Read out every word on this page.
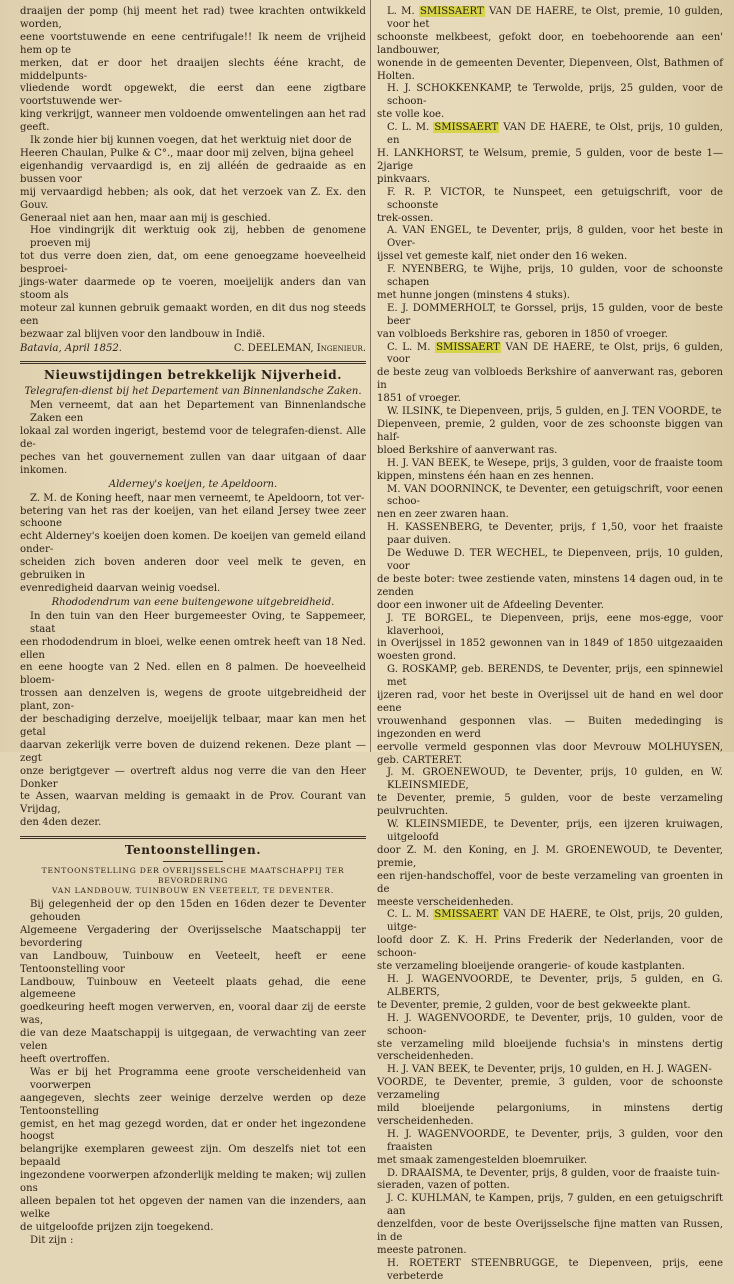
draaijen der pomp (hij meent het rad) twee krachten ontwikkeld worden,
eene voortstuwende en eene centrifugale!! Ik neem de vrijheid hem op te
merken, dat er door het draaijen slechts ééne kracht, de middelpunts-
vliedende wordt opgewekt, die eerst dan eene zigtbare voortstuwende wer-
king verkrijgt, wanneer men voldoende omwentelingen aan het rad geeft.
Ik zonde hier bij kunnen voegen, dat het werktuig niet door de
Heeren Chaulan, Pulke & C°., maar door mij zelven, bijna geheel
eigenhandig vervaardigd is, en zij alléén de gedraaide as en bussen voor
mij vervaardigd hebben; als ook, dat het verzoek van Z. Ex. den Gouv.
Generaal niet aan hen, maar aan mij is geschied.
Hoe vindingrijk dit werktuig ook zij, hebben de genomene proeven mij
tot dus verre doen zien, dat, om eene genoegzame hoeveelheid besproei-
jings-water daarmede op te voeren, moeijelijk anders dan van stoom als
moteur zal kunnen gebruik gemaakt worden, en dit dus nog steeds een
bezwaar zal blijven voor den landbouw in Indië.
Batavia, April 1852.	C. DEELEMAN, Ingenieur.
Nieuwstijdingen betrekkelijk Nijverheid.
Telegrafen-dienst bij het Departement van Binnenlandsche Zaken.
Men verneemt, dat aan het Departement van Binnenlandsche Zaken een
lokaal zal worden ingerigt, bestemd voor de telegrafen-dienst. Alle de-
peches van het gouvernement zullen van daar uitgaan of daar inkomen.
Alderney's koeijen, te Apeldoorn.
Z. M. de Koning heeft, naar men verneemt, te Apeldoorn, tot ver-
betering van het ras der koeijen, van het eiland Jersey twee zeer schoone
echt Alderney's koeijen doen komen. De koeijen van gemeld eiland onder-
scheiden zich boven anderen door veel melk te geven, en gebruiken in
evenredigheid daarvan weinig voedsel.
Rhododendrum van eene buitengewone uitgebreidheid.
In den tuin van den Heer burgemeester Oving, te Sappemeer, staat
een rhododendrum in bloei, welke eenen omtrek heeft van 18 Ned. ellen
en eene hoogte van 2 Ned. ellen en 8 palmen. De hoeveelheid bloem-
trossen aan denzelven is, wegens de groote uitgebreidheid der plant, zon-
der beschadiging derzelve, moeijelijk telbaar, maar kan men het getal
daarvan zekerlijk verre boven de duizend rekenen. Deze plant — zegt
onze berigtgever — overtreft aldus nog verre die van den Heer Donker
te Assen, waarvan melding is gemaakt in de Prov. Courant van Vrijdag,
den 4den dezer.
Tentoonstellingen.
TENTOONSTELLING DER OVERIJSSELSCHE MAATSCHAPPIJ TER BEVORDERING
VAN LANDBOUW, TUINBOUW EN VEETEELT, TE DEVENTER.
Bij gelegenheid der op den 15den en 16den dezer te Deventer gehouden
Algemeene Vergadering der Overijsselsche Maatschappij ter bevordering
van Landbouw, Tuinbouw en Veeteelt, heeft er eene Tentoonstelling voor
Landbouw, Tuinbouw en Veeteelt plaats gehad, die eene algemeene
goedkeuring heeft mogen verwerven, en, vooral daar zij de eerste was,
die van deze Maatschappij is uitgegaan, de verwachting van zeer velen
heeft overtroffen.
Was er bij het Programma eene groote verscheidenheid van voorwerpen
aangegeven, slechts zeer weinige derzelve werden op deze Tentoonstelling
gemist, en het mag gezegd worden, dat er onder het ingezondene hoogst
belangrijke exemplaren geweest zijn. Om deszelfs niet tot een bepaald
ingezondene voorwerpen afzonderlijk melding te maken; wij zullen ons
alleen bepalen tot het opgeven der namen van die inzenders, aan welke
de uitgeloofde prijzen zijn toegekend.
Dit zijn :
L. M. SMISSAERT VAN DE HAERE, te Olst, premie, 10 gulden, voor het
schoonste melkbeest, gefokt door, en toebehoorende aan een' landbouwer,
wonende in de gemeenten Deventer, Diepenveen, Olst, Bathmen of Holten.
H. J. SCHOKKENKAMP, te Terwolde, prijs, 25 gulden, voor de schoon-
ste volle koe.
C. L. M. SMISSAERT VAN DE HAERE, te Olst, prijs, 10 gulden, en
H. LANKHORST, te Welsum, premie, 5 gulden, voor de beste 1—2jarige
pinkvaars.
F. R. P. VICTOR, te Nunspeet, een getuigschrift, voor de schoonste
trek-ossen.
A. VAN ENGEL, te Deventer, prijs, 8 gulden, voor het beste in Over-
ijssel vet gemeste kalf, niet onder den 16 weken.
F. NYENBERG, te Wijhe, prijs, 10 gulden, voor de schoonste schapen
met hunne jongen (minstens 4 stuks).
E. J. DOMMERHOLT, te Gorssel, prijs, 15 gulden, voor de beste beer
van volbloeds Berkshire ras, geboren in 1850 of vroeger.
C. L. M. SMISSAERT VAN DE HAERE, te Olst, prijs, 6 gulden, voor
de beste zeug van volbloeds Berkshire of aanverwant ras, geboren in
1851 of vroeger.
W. ILSINK, te Diepenveen, prijs, 5 gulden, en J. TEN VOORDE, te
Diepenveen, premie, 2 gulden, voor de zes schoonste biggen van half-
bloed Berkshire of aanverwant ras.
H. J. VAN BEEK, te Wesepe, prijs, 3 gulden, voor de fraaiste toom
kippen, minstens één haan en zes hennen.
M. VAN DOORNINCK, te Deventer, een getuigschrift, voor eenen schoo-
nen en zeer zwaren haan.
H. KASSENBERG, te Deventer, prijs, f 1,50, voor het fraaiste paar duiven.
De Weduwe D. TER WECHEL, te Diepenveen, prijs, 10 gulden, voor
de beste boter: twee zestiende vaten, minstens 14 dagen oud, in te zenden
door een inwoner uit de Afdeeling Deventer.
J. TE BORGEL, te Diepenveen, prijs, eene mos-egge, voor klaverhooi,
in Overijssel in 1852 gewonnen van in 1849 of 1850 uitgezaaiden woesten grond.
G. ROSKAMP, geb. BERENDS, te Deventer, prijs, een spinnewiel met
ijzeren rad, voor het beste in Overijssel uit de hand en wel door eene
vrouwenhand gesponnen vlas. — Buiten mededinging is ingezonden en werd
eervolle vermeld gesponnen vlas door Mevrouw MOLHUYSEN, geb. CARTERET.
J. M. GROENEWOUD, te Deventer, prijs, 10 gulden, en W. KLEINSMIEDE,
te Deventer, premie, 5 gulden, voor de beste verzameling peulvruchten.
W. KLEINSMIEDE, te Deventer, prijs, een ijzeren kruiwagen, uitgeloofd
door Z. M. den Koning, en J. M. GROENEWOUD, te Deventer, premie,
een rijen-handschoffel, voor de beste verzameling van groenten in de
meeste verscheidenheden.
C. L. M. SMISSAERT VAN DE HAERE, te Olst, prijs, 20 gulden, uitge-
loofd door Z. K. H. Prins Frederik der Nederlanden, voor de schoon-
ste verzameling bloeijende orangerie- of koude kastplanten.
H. J. WAGENVOORDE, te Deventer, prijs, 5 gulden, en G. ALBERTS,
te Deventer, premie, 2 gulden, voor de best gekweekte plant.
H. J. WAGENVOORDE, te Deventer, prijs, 10 gulden, voor de schoon-
ste verzameling mild bloeijende fuchsia's in minstens dertig verscheidenheden.
H. J. VAN BEEK, te Deventer, prijs, 10 gulden, en H. J. WAGEN-
VOORDE, te Deventer, premie, 3 gulden, voor de schoonste verzameling
mild bloeijende pelargoniums, in minstens dertig verscheidenheden.
H. J. WAGENVOORDE, te Deventer, prijs, 3 gulden, voor den fraaisten
met smaak zamengestelden bloemruiker.
D. DRAAISMA, te Deventer, prijs, 8 gulden, voor de fraaiste tuin-
sieraden, vazen of potten.
J. C. KUHLMAN, te Kampen, prijs, 7 gulden, en een getuigschrift aan
denzelfden, voor de beste Overijsselsche fijne matten van Russen, in de
meeste patronen.
H. ROETERT STEENBRUGGE, te Diepenveen, prijs, eene verbeterde
